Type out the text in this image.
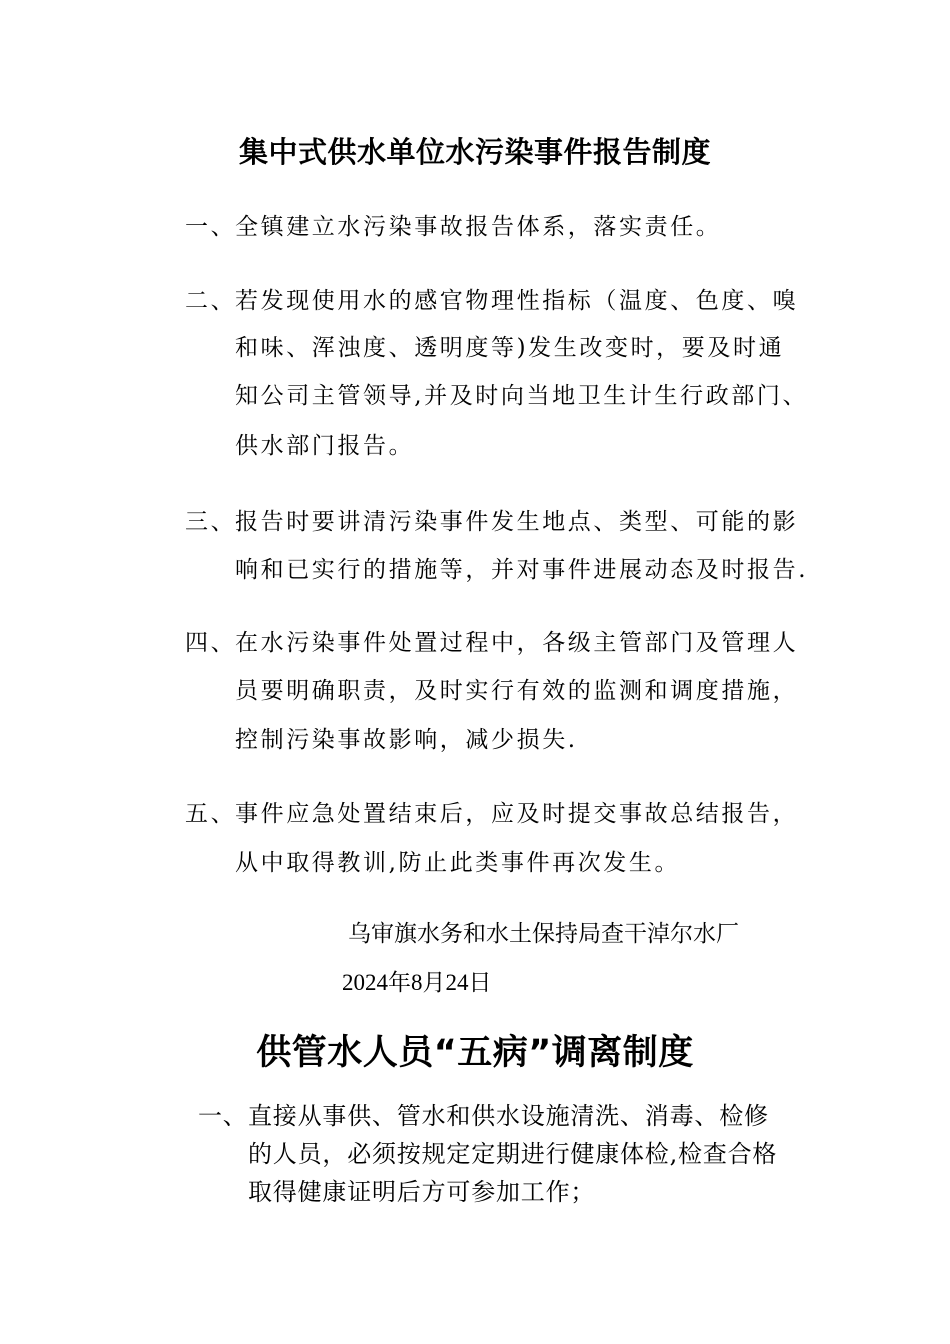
集中式供水单位水污染事件报告制度
一、
全镇建立水污染事故报告体系，落实责任。
二、
若发现使用水的感官物理性指标（温度、色度、嗅
和味、浑浊度、透明度等)发生改变时，要及时通
知公司主管领导,并及时向当地卫生计生行政部门、
供水部门报告。
三、
报告时要讲清污染事件发生地点、类型、可能的影
响和已实行的措施等，并对事件进展动态及时报告.
四、
在水污染事件处置过程中，各级主管部门及管理人
员要明确职责，及时实行有效的监测和调度措施，
控制污染事故影响，减少损失.
五、
事件应急处置结束后，应及时提交事故总结报告，
从中取得教训,防止此类事件再次发生。
乌审旗水务和水土保持局查干淖尔水厂
2024年8月24日
供管水人员“五病”调离制度
一、 直接从事供、管水和供水设施清洗、消毒、检修
的人员，必须按规定定期进行健康体检,检查合格
取得健康证明后方可参加工作；
